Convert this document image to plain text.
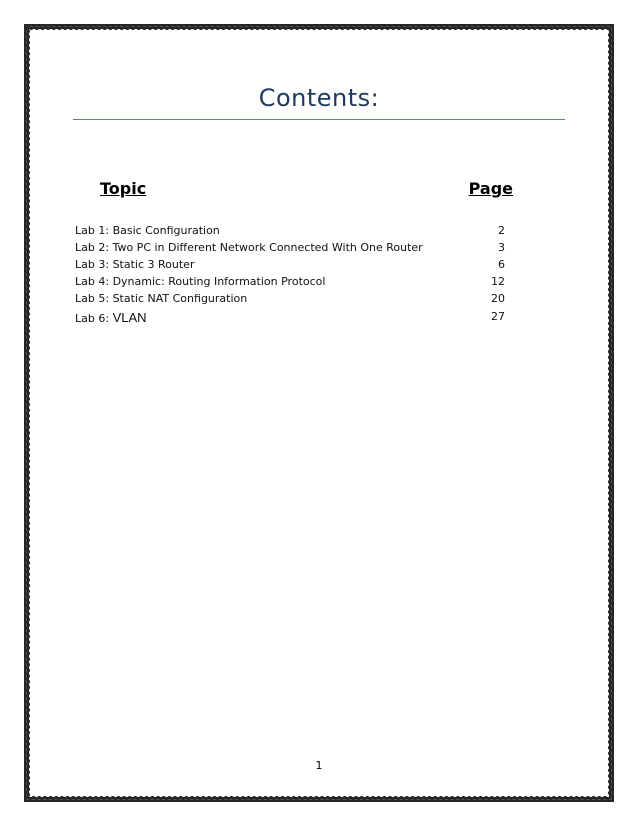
Contents:
Topic	Page
Lab 1: Basic Configuration	2
Lab 2: Two PC in Different Network Connected With One Router	3
Lab 3: Static 3 Router	6
Lab 4: Dynamic: Routing Information Protocol	12
Lab 5: Static NAT Configuration	20
Lab 6: VLAN	27
1
